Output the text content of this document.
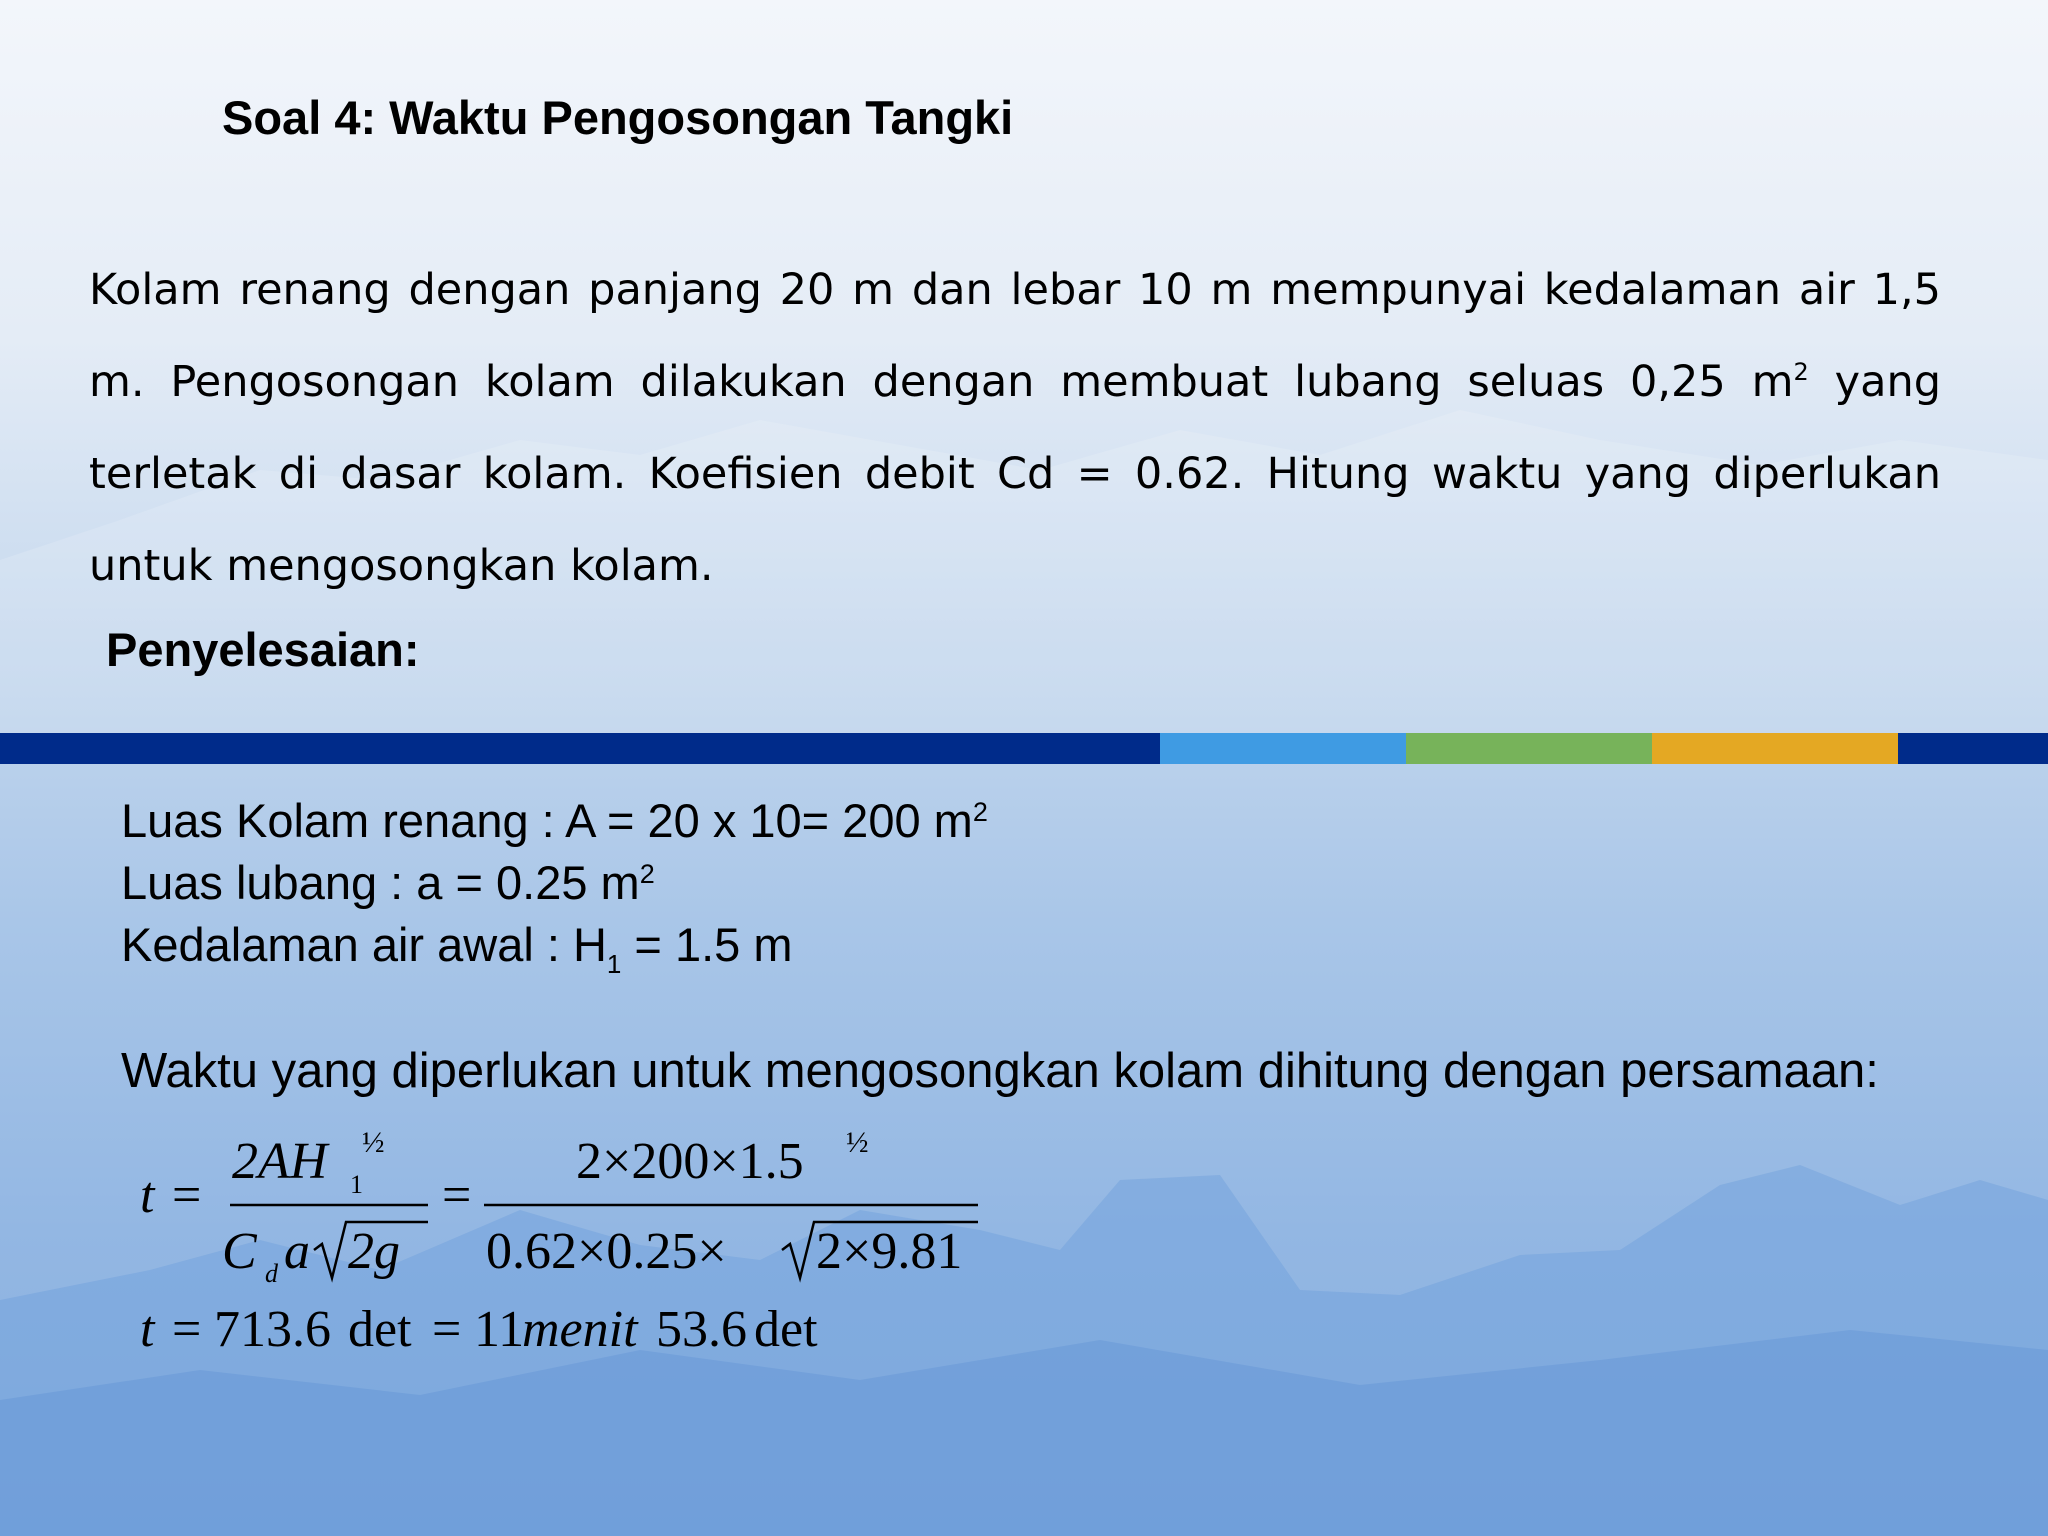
Soal 4: Waktu Pengosongan Tangki

Kolam renang dengan panjang 20 m dan lebar 10 m mempunyai kedalaman air 1,5 m. Pengosongan kolam dilakukan dengan membuat lubang seluas 0,25 $m^2$ yang terletak di dasar kolam. Koefisien debit Cd = 0.62. Hitung waktu yang diperlukan untuk mengosongkan kolam.

Penyelesaian:
Luas Kolam renang : A = 20 x 10= 200 $m^2$
Luas lubang : a = 0.25 $m^2$
Kedalaman air awal : $H_1 = 1.5$ m
Waktu yang diperlukan untuk mengosongkan kolam dihitung dengan persamaan:
t =
2AH 1
½
C d a 2g
=
2×200×1.5 ½
0.62×0.25× 2×9.81
t = 713.6 det = 11
menit 53.6 det
